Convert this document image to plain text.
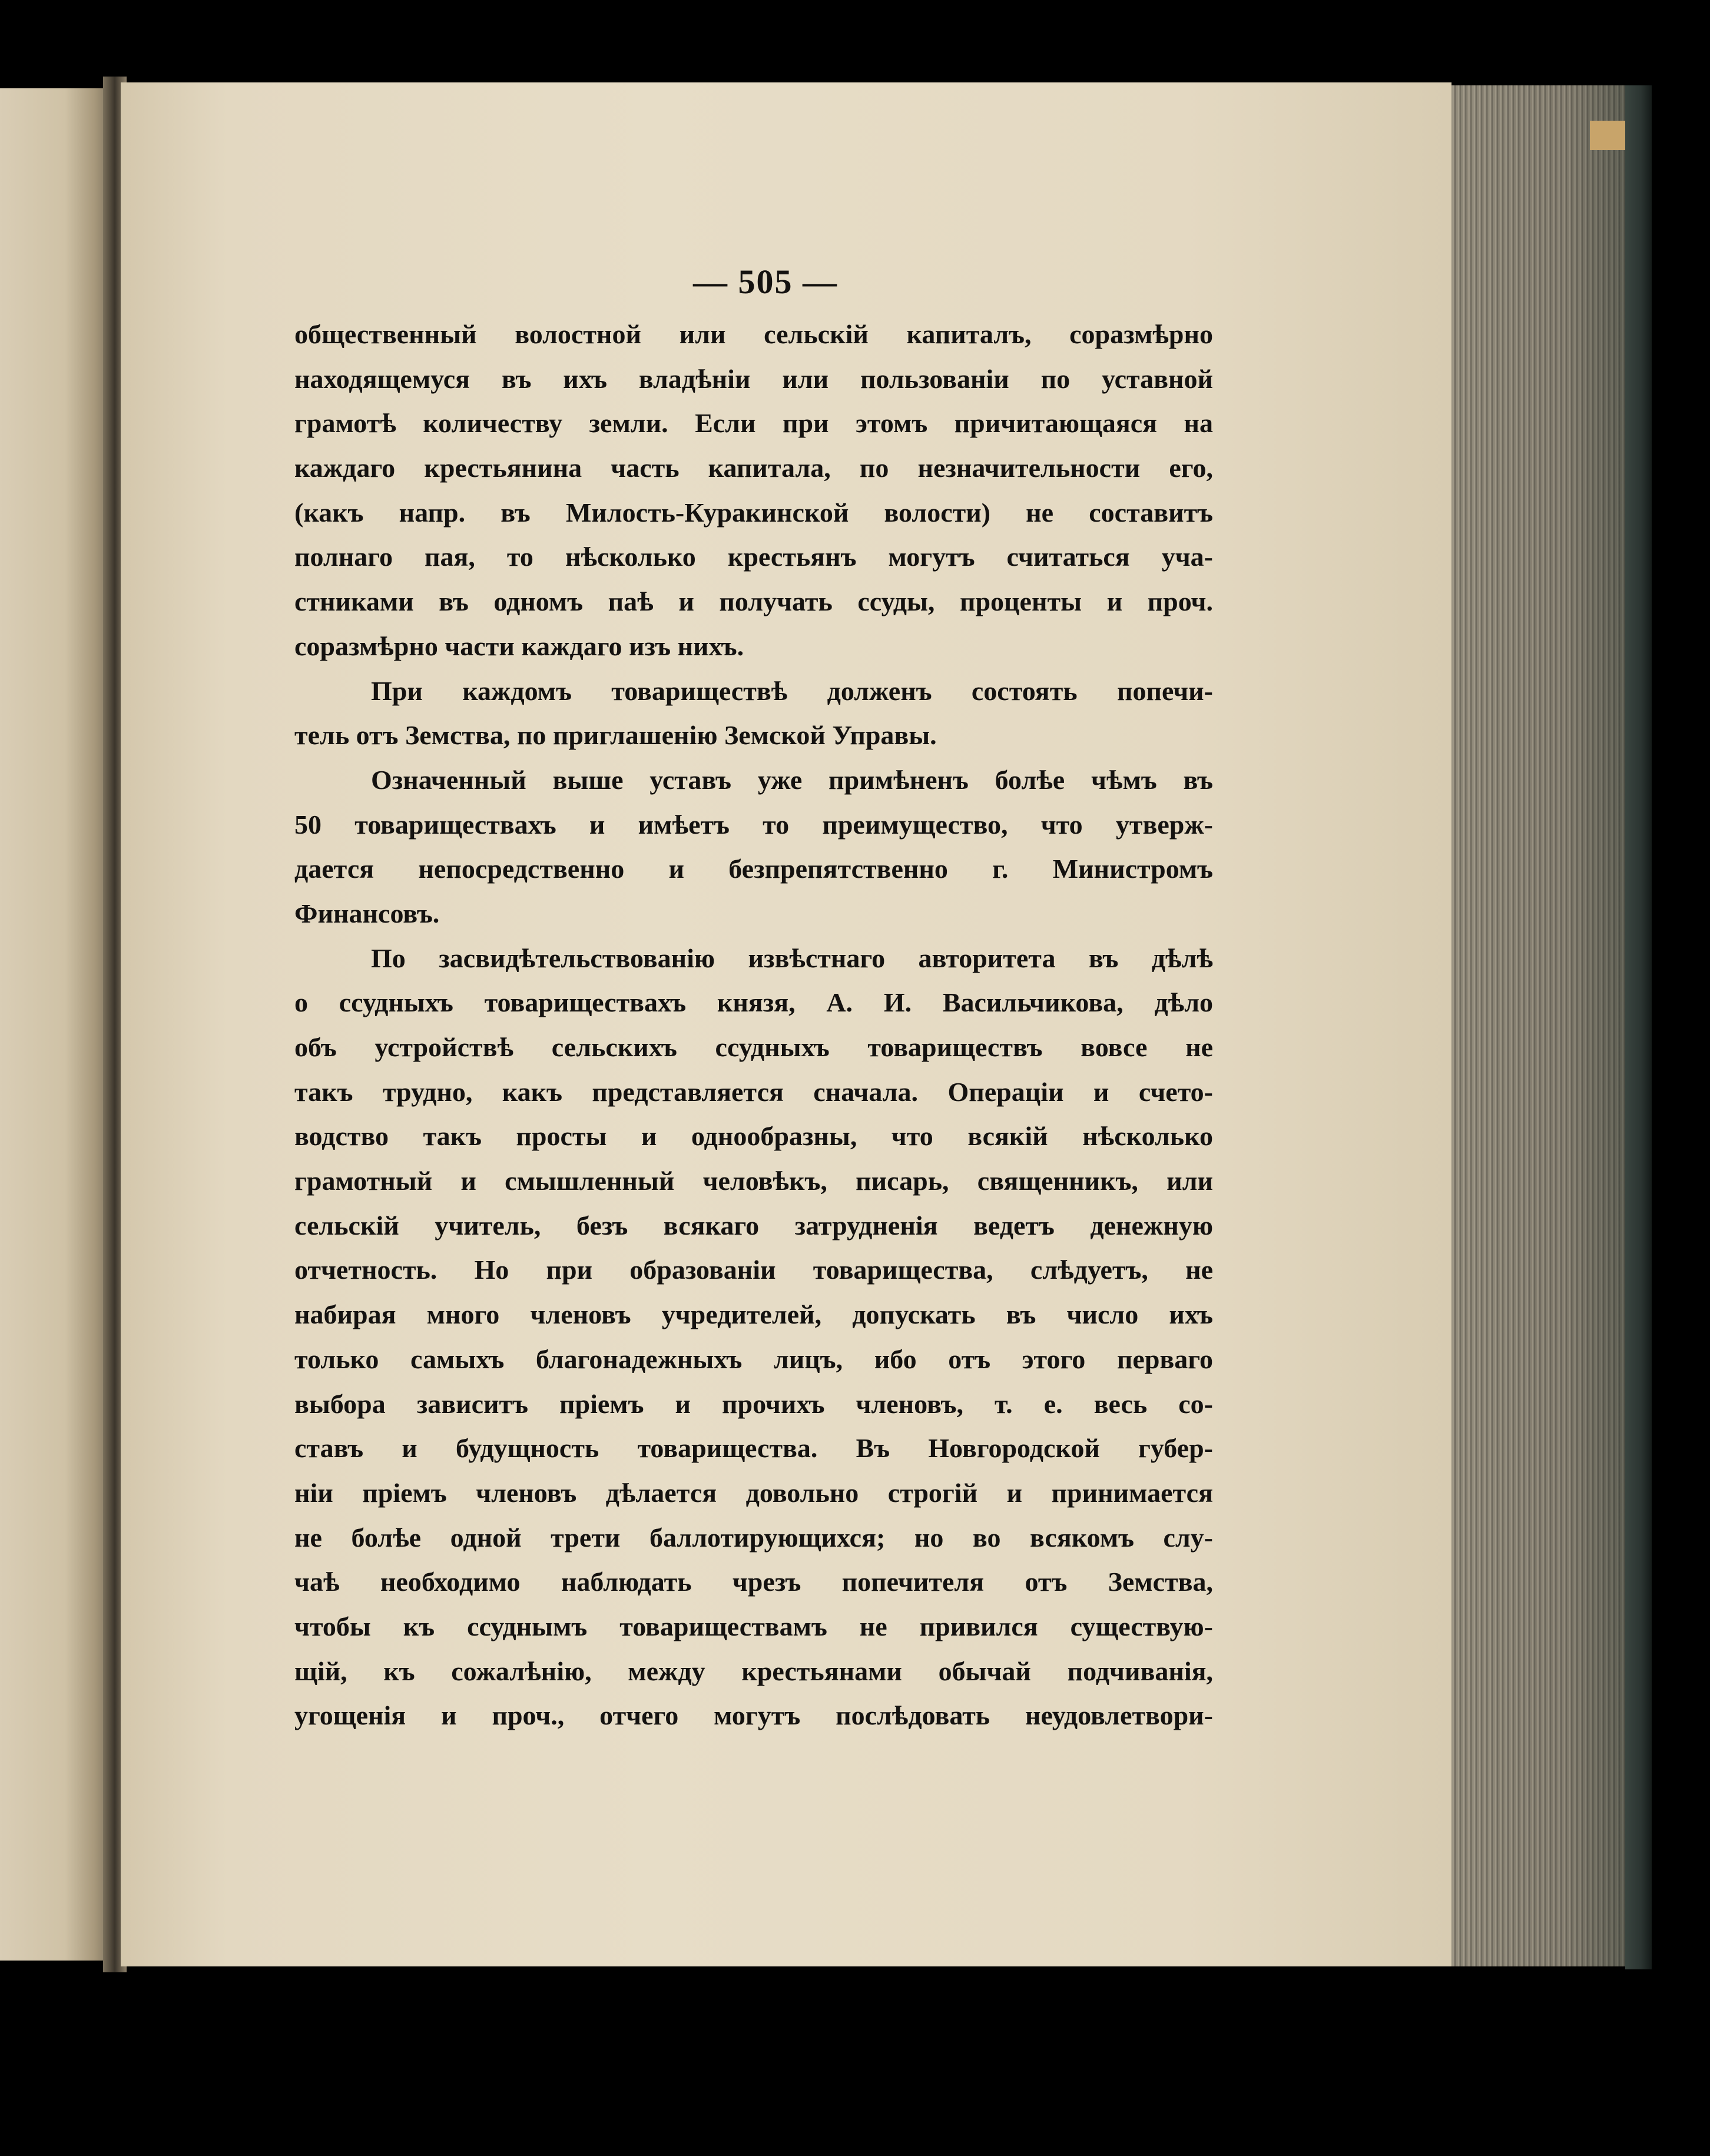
— 505 —
общественный волостной или сельскій капиталъ, соразмѣрно
находящемуся въ ихъ владѣніи или пользованіи по уставной
грамотѣ количеству земли. Если при этомъ причитающаяся на
каждаго крестьянина часть капитала, по незначительности его,
(какъ напр. въ Милость-Куракинской волости) не составитъ
полнаго пая, то нѣсколько крестьянъ могутъ считаться уча-
стниками въ одномъ паѣ и получать ссуды, проценты и проч.
соразмѣрно части каждаго изъ нихъ.
При каждомъ товариществѣ долженъ состоять попечи-
тель отъ Земства, по приглашенію Земской Управы.
Означенный выше уставъ уже примѣненъ болѣе чѣмъ въ
50 товариществахъ и имѣетъ то преимущество, что утверж-
дается непосредственно и безпрепятственно г. Министромъ
Финансовъ.
По засвидѣтельствованію извѣстнаго авторитета въ дѣлѣ
о ссудныхъ товариществахъ князя, А. И. Васильчикова, дѣло
объ устройствѣ сельскихъ ссудныхъ товариществъ вовсе не
такъ трудно, какъ представляется сначала. Операціи и счето-
водство такъ просты и однообразны, что всякій нѣсколько
грамотный и смышленный человѣкъ, писарь, священникъ, или
сельскій учитель, безъ всякаго затрудненія ведетъ денежную
отчетность. Но при образованіи товарищества, слѣдуетъ, не
набирая много членовъ учредителей, допускать въ число ихъ
только самыхъ благонадежныхъ лицъ, ибо отъ этого перваго
выбора зависитъ пріемъ и прочихъ членовъ, т. е. весь со-
ставъ и будущность товарищества. Въ Новгородской губер-
ніи пріемъ членовъ дѣлается довольно строгій и принимается
не болѣе одной трети баллотирующихся; но во всякомъ слу-
чаѣ необходимо наблюдать чрезъ попечителя отъ Земства,
чтобы къ ссуднымъ товариществамъ не привился существую-
щій, къ сожалѣнію, между крестьянами обычай подчиванія,
угощенія и проч., отчего могутъ послѣдовать неудовлетвори-
